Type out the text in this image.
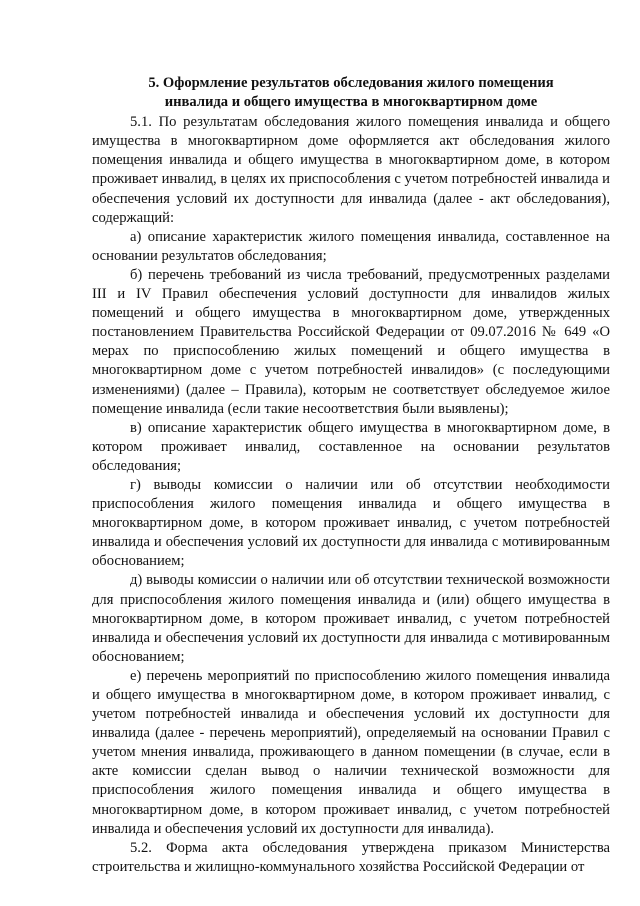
5. Оформление результатов обследования жилого помещения
инвалида и общего имущества в многоквартирном доме

5.1. По результатам обследования жилого помещения инвалида и общего имущества в многоквартирном доме оформляется акт обследования жилого помещения инвалида и общего имущества в многоквартирном доме, в котором проживает инвалид, в целях их приспособления с учетом потребностей инвалида и обеспечения условий их доступности для инвалида (далее - акт обследования), содержащий:

а) описание характеристик жилого помещения инвалида, составленное на основании результатов обследования;

б) перечень требований из числа требований, предусмотренных разделами III и IV Правил обеспечения условий доступности для инвалидов жилых помещений и общего имущества в многоквартирном доме, утвержденных постановлением Правительства Российской Федерации от 09.07.2016 № 649 «О мерах по приспособлению жилых помещений и общего имущества в многоквартирном доме с учетом потребностей инвалидов» (с последующими изменениями) (далее – Правила), которым не соответствует обследуемое жилое помещение инвалида (если такие несоответствия были выявлены);

в) описание характеристик общего имущества в многоквартирном доме, в котором проживает инвалид, составленное на основании результатов обследования;

г) выводы комиссии о наличии или об отсутствии необходимости приспособления жилого помещения инвалида и общего имущества в многоквартирном доме, в котором проживает инвалид, с учетом потребностей инвалида и обеспечения условий их доступности для инвалида с мотивированным обоснованием;

д) выводы комиссии о наличии или об отсутствии технической возможности для приспособления жилого помещения инвалида и (или) общего имущества в многоквартирном доме, в котором проживает инвалид, с учетом потребностей инвалида и обеспечения условий их доступности для инвалида с мотивированным обоснованием;

е) перечень мероприятий по приспособлению жилого помещения инвалида и общего имущества в многоквартирном доме, в котором проживает инвалид, с учетом потребностей инвалида и обеспечения условий их доступности для инвалида (далее - перечень мероприятий), определяемый на основании Правил с учетом мнения инвалида, проживающего в данном помещении (в случае, если в акте комиссии сделан вывод о наличии технической возможности для приспособления жилого помещения инвалида и общего имущества в многоквартирном доме, в котором проживает инвалид, с учетом потребностей инвалида и обеспечения условий их доступности для инвалида).

5.2. Форма акта обследования утверждена приказом Министерства строительства и жилищно-коммунального хозяйства Российской Федерации от
